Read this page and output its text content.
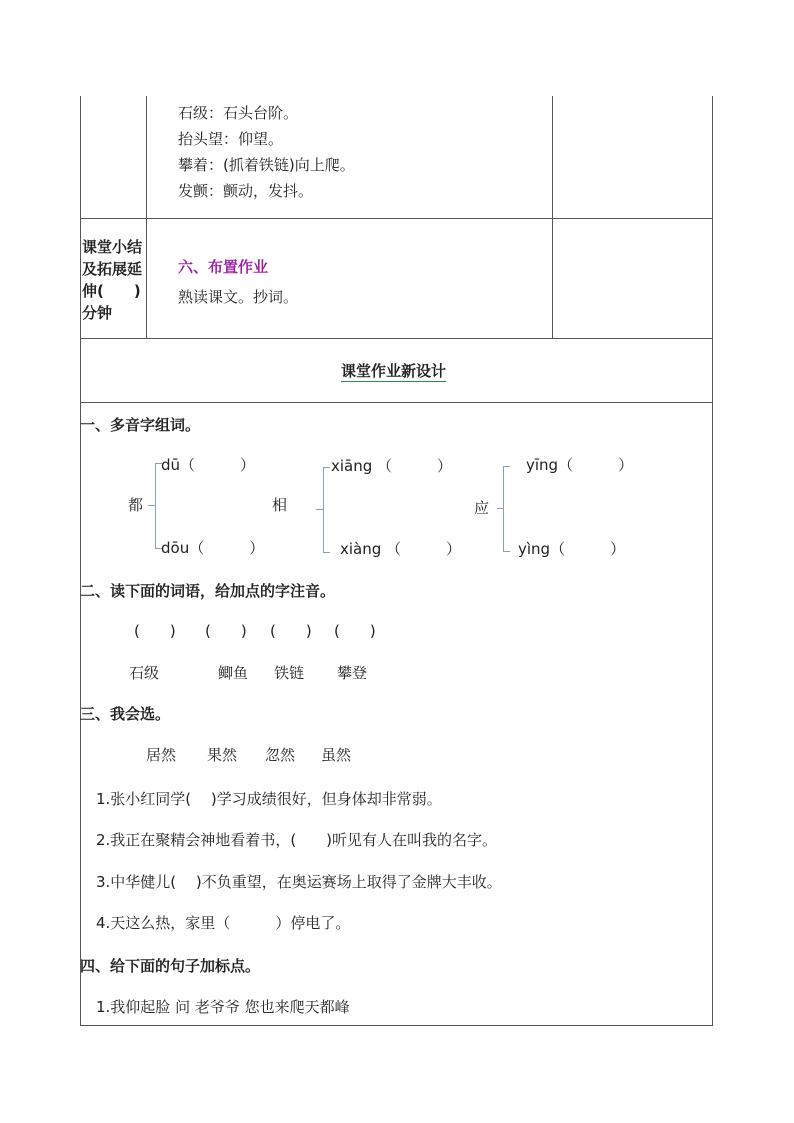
石级：石头台阶。
抬头望：仰望。
攀着：(抓着铁链)向上爬。
发颤：颤动，发抖。
课堂小结
及拓展延
伸(　　)
分钟
六、布置作业
熟读课文。抄词。
课堂作业新设计
一、多音字组词。
都
dū（　　　）
dōu（　　　）
相
xiāng （　　　）
xiàng （　　　）
应
yīng（　　　）
yìng（　　　）
二、读下面的词语，给加点的字注音。
(　　) (　　) (　　) (　　)
石级	鲫鱼 铁链 攀登
三、我会选。
居然 果然 忽然 虽然
1.张小红同学(　 )学习成绩很好，但身体却非常弱。
2.我正在聚精会神地看着书，(　　)听见有人在叫我的名字。
3.中华健儿(　 )不负重望，在奥运赛场上取得了金牌大丰收。
4.天这么热，家里（　　　）停电了。
四、给下面的句子加标点。
1.我仰起脸 问 老爷爷 您也来爬天都峰
